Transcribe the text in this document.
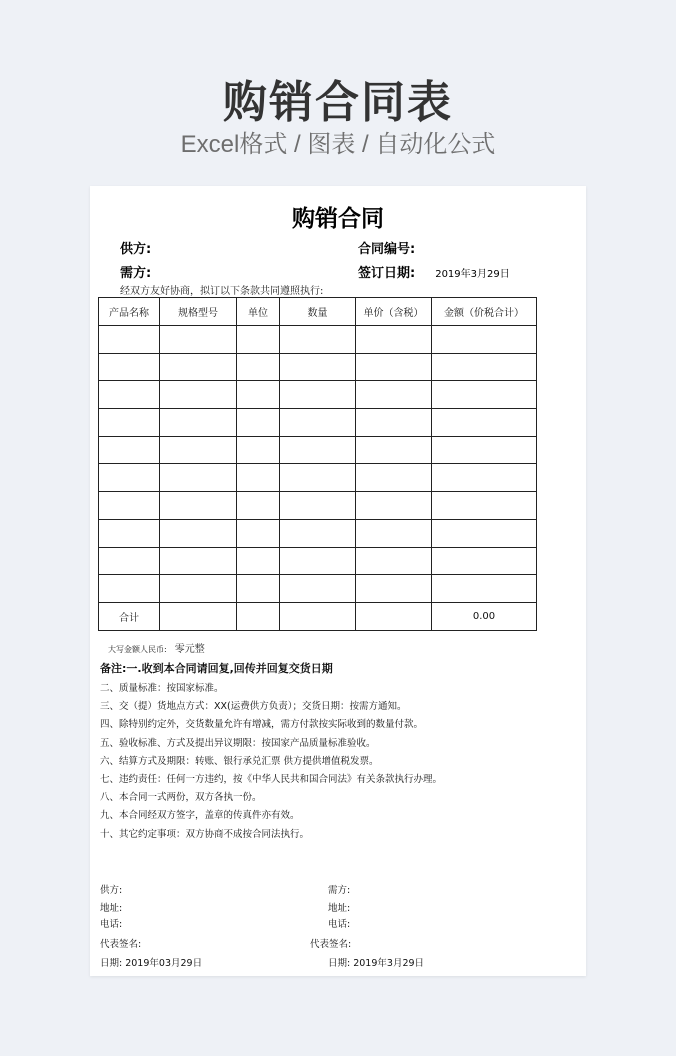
购销合同表
Excel格式 / 图表 / 自动化公式
购销合同
供方:
需方:
合同编号:
签订日期: 2019年3月29日
经双方友好协商，拟订以下条款共同遵照执行:
产品名称	规格型号	单位	数量	单价（含税）	金额（价税合计）

合计					0.00
大写金额人民币: 零元整
备注:一.收到本合同请回复,回传并回复交货日期
二、质量标准：按国家标准。
三、交（提）货地点方式：XX(运费供方负责）；交货日期：按需方通知。
四、除特别约定外，交货数量允许有增减，需方付款按实际收到的数量付款。
五、验收标准、方式及提出异议期限：按国家产品质量标准验收。
六、结算方式及期限：转账、银行承兑汇票 供方提供增值税发票。
七、违约责任：任何一方违约，按《中华人民共和国合同法》有关条款执行办理。
八、本合同一式两份，双方各执一份。
九、本合同经双方签字，盖章的传真件亦有效。
十、其它约定事项：双方协商不成按合同法执行。
供方:
地址:
电话:
代表签名:
日期: 2019年03月29日
需方:
地址:
电话:
代表签名:
日期: 2019年3月29日
